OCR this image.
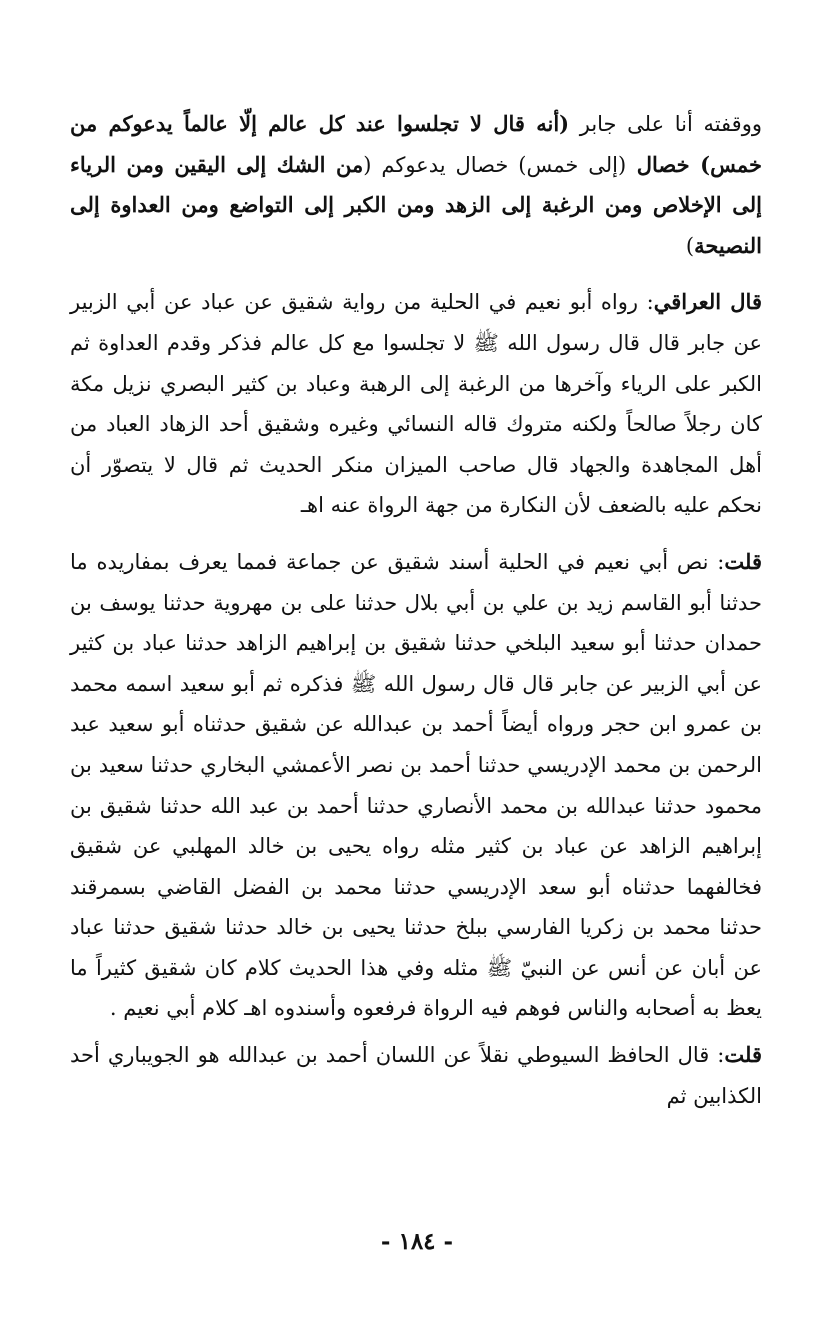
ووقفته أنا على جابر (أنه قال لا تجلسوا عند كل عالم إلّا عالماً يدعوكم من خمس) خصال (إلى خمس) خصال يدعوكم (من الشك إلى اليقين ومن الرياء إلى الإخلاص ومن الرغبة إلى الزهد ومن الكبر إلى التواضع ومن العداوة إلى النصيحة)

قال العراقي: رواه أبو نعيم في الحلية من رواية شقيق عن عباد عن أبي الزبير عن جابر قال قال رسول الله ﷺ لا تجلسوا مع كل عالم فذكر وقدم العداوة ثم الكبر على الرياء وآخرها من الرغبة إلى الرهبة وعباد بن كثير البصري نزيل مكة كان رجلاً صالحاً ولكنه متروك قاله النسائي وغيره وشقيق أحد الزهاد العباد من أهل المجاهدة والجهاد قال صاحب الميزان منكر الحديث ثم قال لا يتصوّر أن نحكم عليه بالضعف لأن النكارة من جهة الرواة عنه اهـ

قلت: نص أبي نعيم في الحلية أسند شقيق عن جماعة فمما يعرف بمفاريده ما حدثنا أبو القاسم زيد بن علي بن أبي بلال حدثنا على بن مهروية حدثنا يوسف بن حمدان حدثنا أبو سعيد البلخي حدثنا شقيق بن إبراهيم الزاهد حدثنا عباد بن كثير عن أبي الزبير عن جابر قال قال رسول الله ﷺ فذكره ثم أبو سعيد اسمه محمد بن عمرو ابن حجر ورواه أيضاً أحمد بن عبدالله عن شقيق حدثناه أبو سعيد عبد الرحمن بن محمد الإدريسي حدثنا أحمد بن نصر الأعمشي البخاري حدثنا سعيد بن محمود حدثنا عبدالله بن محمد الأنصاري حدثنا أحمد بن عبد الله حدثنا شقيق بن إبراهيم الزاهد عن عباد بن كثير مثله رواه يحيى بن خالد المهلبي عن شقيق فخالفهما حدثناه أبو سعد الإدريسي حدثنا محمد بن الفضل القاضي بسمرقند حدثنا محمد بن زكريا الفارسي ببلخ حدثنا يحيى بن خالد حدثنا شقيق حدثنا عباد عن أبان عن أنس عن النبيّ ﷺ مثله وفي هذا الحديث كلام كان شقيق كثيراً ما يعظ به أصحابه والناس فوهم فيه الرواة فرفعوه وأسندوه اهـ كلام أبي نعيم .

قلت: قال الحافظ السيوطي نقلاً عن اللسان أحمد بن عبدالله هو الجويباري أحد الكذابين ثم

- ١٨٤ -
